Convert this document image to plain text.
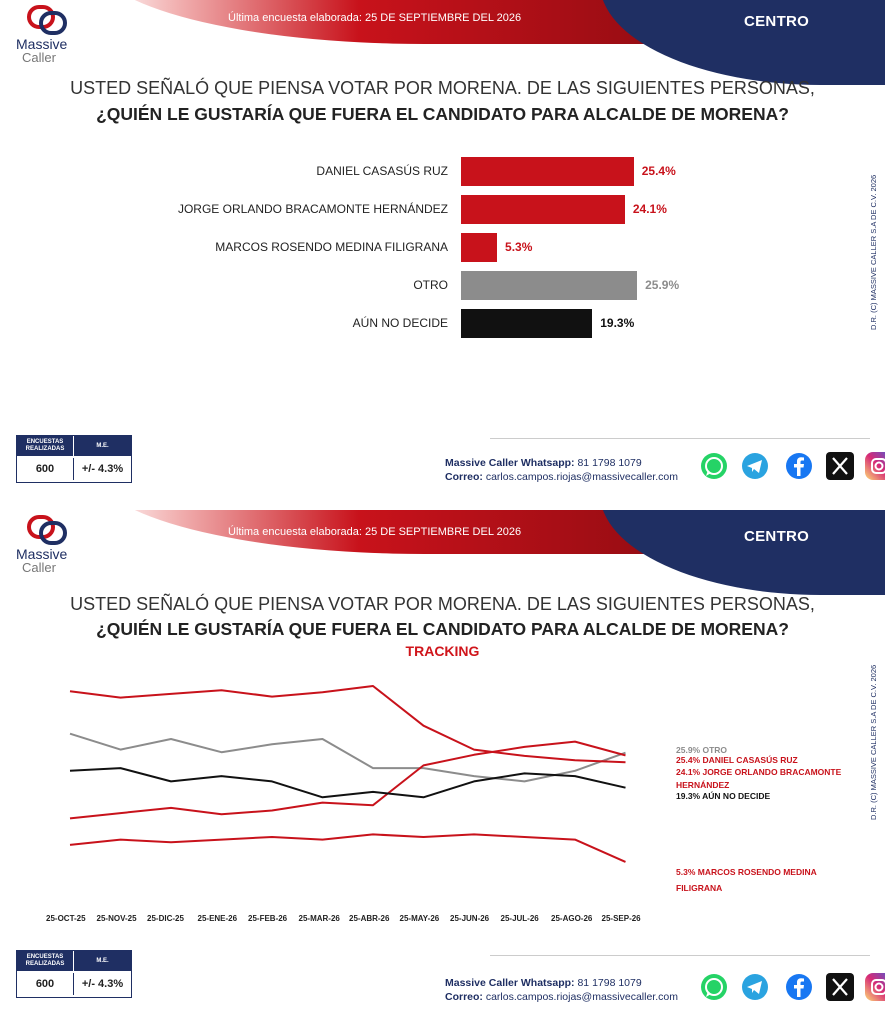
Última encuesta elaborada: 25 DE SEPTIEMBRE DEL 2026	CENTRO
Massive
Caller
USTED SEÑALÓ QUE PIENSA VOTAR POR MORENA. DE LAS SIGUIENTES PERSONAS,
¿QUIÉN LE GUSTARÍA QUE FUERA EL CANDIDATO PARA ALCALDE DE MORENA?
D.R. (C) MASSIVE CALLER S.A DE C.V. 2026
DANIEL CASASÚS RUZ	25.4%
JORGE ORLANDO BRACAMONTE HERNÁNDEZ	24.1%
MARCOS ROSENDO MEDINA FILIGRANA	5.3%
OTRO	25.9%
AÚN NO DECIDE	19.3%
ENCUESTAS REALIZADAS
M.E.
600	+/- 4.3%	Massive Caller Whatsapp: 81 1798 1079
Correo: carlos.campos.riojas@massivecaller.com
Última encuesta elaborada: 25 DE SEPTIEMBRE DEL 2026	CENTRO
Massive
Caller
USTED SEÑALÓ QUE PIENSA VOTAR POR MORENA. DE LAS SIGUIENTES PERSONAS,
¿QUIÉN LE GUSTARÍA QUE FUERA EL CANDIDATO PARA ALCALDE DE MORENA?
TRACKING
D.R. (C) MASSIVE CALLER S.A DE C.V. 2026
25-OCT-25 25-NOV-25 25-DIC-25 25-ENE-26 25-FEB-26 25-MAR-26 25-ABR-26 25-MAY-26 25-JUN-26 25-JUL-26 25-AGO-26 25-SEP-26
25.9% OTRO
25.4% DANIEL CASASÚS RUZ
24.1% JORGE ORLANDO BRACAMONTE
HERNÁNDEZ
19.3% AÚN NO DECIDE
5.3% MARCOS ROSENDO MEDINA
FILIGRANA
ENCUESTAS REALIZADAS
M.E.
600	+/- 4.3%	Massive Caller Whatsapp: 81 1798 1079
Correo: carlos.campos.riojas@massivecaller.com
